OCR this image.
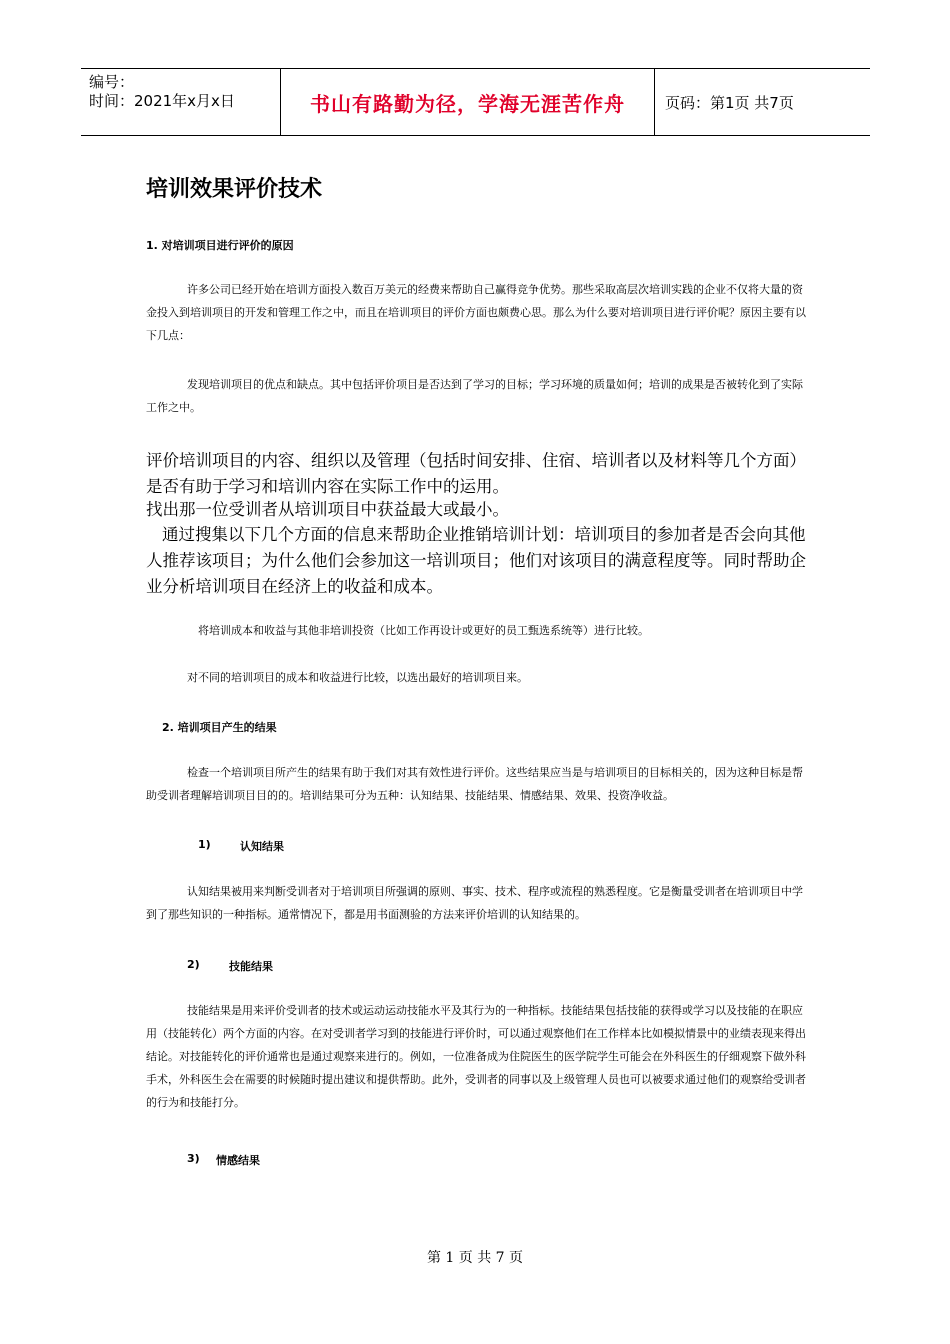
编号：
时间：2021年x月x日	书山有路勤为径，学海无涯苦作舟	页码：第1页 共7页
培训效果评价技术
1. 对培训项目进行评价的原因
许多公司已经开始在培训方面投入数百万美元的经费来帮助自己赢得竞争优势。那些采取高层次培训实践的企业不仅将大量的资金投入到培训项目的开发和管理工作之中，而且在培训项目的评价方面也颇费心思。那么为什么要对培训项目进行评价呢？原因主要有以下几点：
发现培训项目的优点和缺点。其中包括评价项目是否达到了学习的目标；学习环境的质量如何；培训的成果是否被转化到了实际工作之中。
评价培训项目的内容、组织以及管理（包括时间安排、住宿、培训者以及材料等几个方面）是否有助于学习和培训内容在实际工作中的运用。
找出那一位受训者从培训项目中获益最大或最小。
通过搜集以下几个方面的信息来帮助企业推销培训计划：培训项目的参加者是否会向其他人推荐该项目；为什么他们会参加这一培训项目；他们对该项目的满意程度等。同时帮助企业分析培训项目在经济上的收益和成本。
将培训成本和收益与其他非培训投资（比如工作再设计或更好的员工甄选系统等）进行比较。
对不同的培训项目的成本和收益进行比较，以选出最好的培训项目来。
2. 培训项目产生的结果
检查一个培训项目所产生的结果有助于我们对其有效性进行评价。这些结果应当是与培训项目的目标相关的，因为这种目标是帮助受训者理解培训项目目的的。培训结果可分为五种：认知结果、技能结果、情感结果、效果、投资净收益。
1)	认知结果
认知结果被用来判断受训者对于培训项目所强调的原则、事实、技术、程序或流程的熟悉程度。它是衡量受训者在培训项目中学到了那些知识的一种指标。通常情况下，都是用书面测验的方法来评价培训的认知结果的。
2)	技能结果
技能结果是用来评价受训者的技术或运动运动技能水平及其行为的一种指标。技能结果包括技能的获得或学习以及技能的在职应用（技能转化）两个方面的内容。在对受训者学习到的技能进行评价时，可以通过观察他们在工作样本比如模拟情景中的业绩表现来得出结论。对技能转化的评价通常也是通过观察来进行的。例如，一位准备成为住院医生的医学院学生可能会在外科医生的仔细观察下做外科手术，外科医生会在需要的时候随时提出建议和提供帮助。此外，受训者的同事以及上级管理人员也可以被要求通过他们的观察给受训者的行为和技能打分。
3) 情感结果
第 1 页 共 7 页
